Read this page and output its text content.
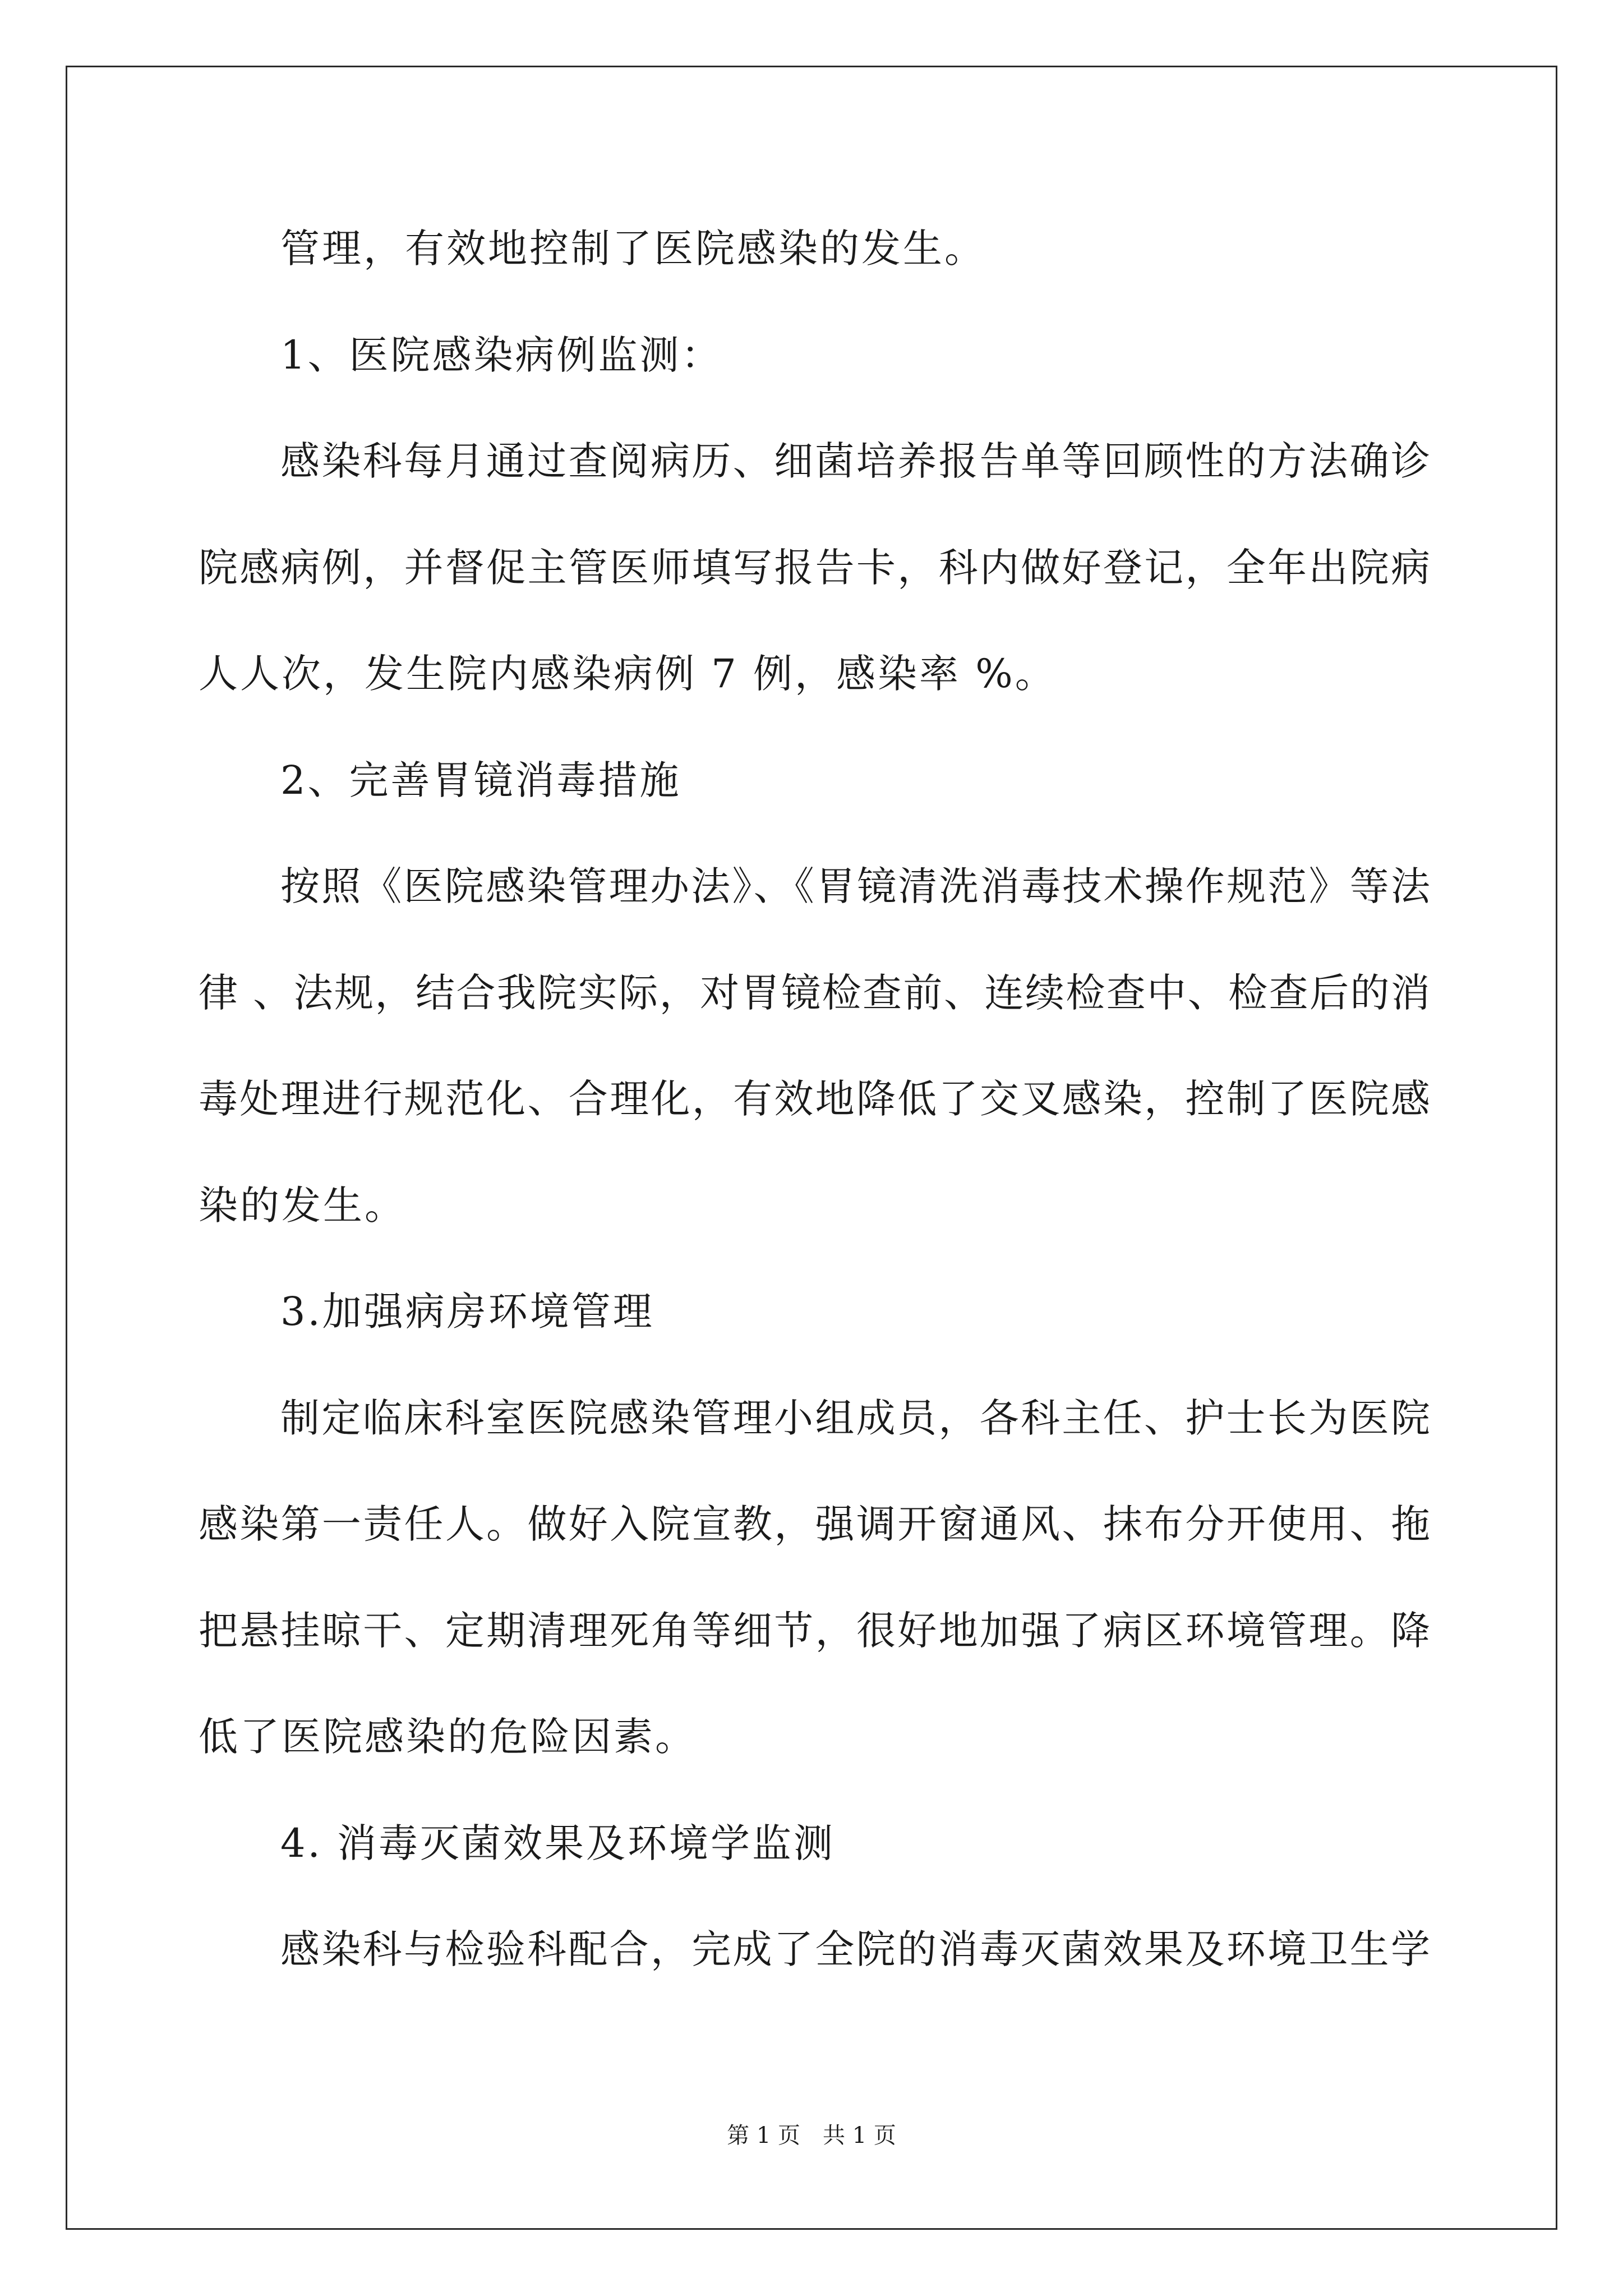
管理，有效地控制了医院感染的发生。
1、医院感染病例监测：
感染科每月通过查阅病历、细菌培养报告单等回顾性的方法确诊
院感病例，并督促主管医师填写报告卡，科内做好登记，全年出院病
人人次，发生院内感染病例 7 例，感染率 %。
2、完善胃镜消毒措施
按照《医院感染管理办法》、《胃镜清洗消毒技术操作规范》等法
律 、法规，结合我院实际，对胃镜检查前、连续检查中、检查后的消
毒处理进行规范化、合理化，有效地降低了交叉感染，控制了医院感
染的发生。
3.加强病房环境管理
制定临床科室医院感染管理小组成员，各科主任、护士长为医院
感染第一责任人。做好入院宣教，强调开窗通风、抹布分开使用、拖
把悬挂晾干、定期清理死角等细节，很好地加强了病区环境管理。降
低了医院感染的危险因素。
4. 消毒灭菌效果及环境学监测
感染科与检验科配合，完成了全院的消毒灭菌效果及环境卫生学
第 1 页　共 1 页
